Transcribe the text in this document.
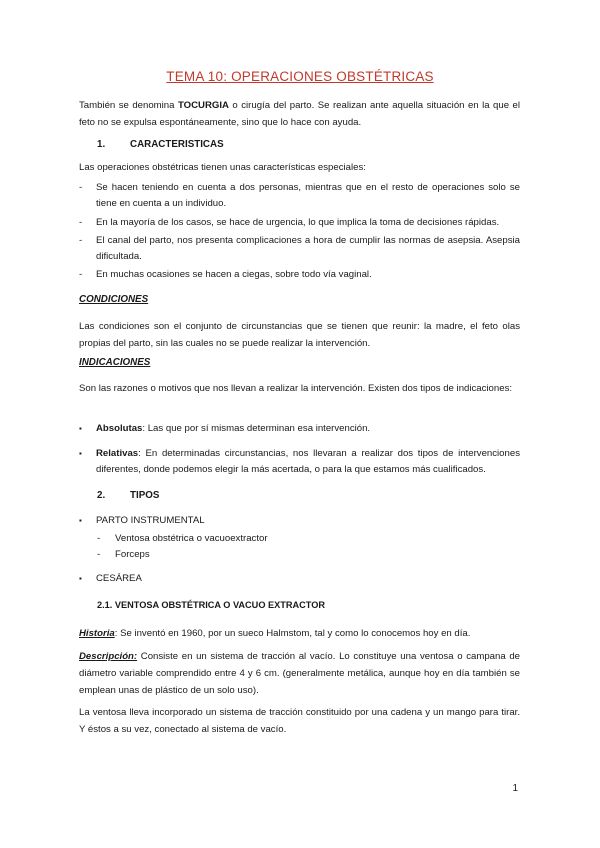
TEMA 10: OPERACIONES OBSTÉTRICAS
También se denomina TOCURGIA o cirugía del parto. Se realizan ante aquella situación en la que el feto no se expulsa espontáneamente, sino que lo hace con ayuda.
1.	CARACTERISTICAS
Las operaciones obstétricas tienen unas características especiales:
- Se hacen teniendo en cuenta a dos personas, mientras que en el resto de operaciones solo se tiene en cuenta a un individuo.
- En la mayoría de los casos, se hace de urgencia, lo que implica la toma de decisiones rápidas.
- El canal del parto, nos presenta complicaciones a hora de cumplir las normas de asepsia. Asepsia dificultada.
- En muchas ocasiones se hacen a ciegas, sobre todo vía vaginal.
CONDICIONES
Las condiciones son el conjunto de circunstancias que se tienen que reunir: la madre, el feto olas propias del parto, sin las cuales no se puede realizar la intervención.
INDICACIONES
Son las razones o motivos que nos llevan a realizar la intervención. Existen dos tipos de indicaciones:
▪ Absolutas: Las que por sí mismas determinan esa intervención.
▪ Relativas: En determinadas circunstancias, nos llevaran a realizar dos tipos de intervenciones diferentes, donde podemos elegir la más acertada, o para la que estamos más cualificados.
2.	TIPOS
▪ PARTO INSTRUMENTAL
- Ventosa obstétrica o vacuoextractor
- Forceps
▪ CESÁREA
2.1. VENTOSA OBSTÉTRICA O VACUO EXTRACTOR
Historia: Se inventó en 1960, por un sueco Halmstom, tal y como lo conocemos hoy en día.
Descripción: Consiste en un sistema de tracción al vacío. Lo constituye una ventosa o campana de diámetro variable comprendido entre 4 y 6 cm. (generalmente metálica, aunque hoy en día también se emplean unas de plástico de un solo uso).
La ventosa lleva incorporado un sistema de tracción constituido por una cadena y un mango para tirar. Y éstos a su vez, conectado al sistema de vacío.
1
